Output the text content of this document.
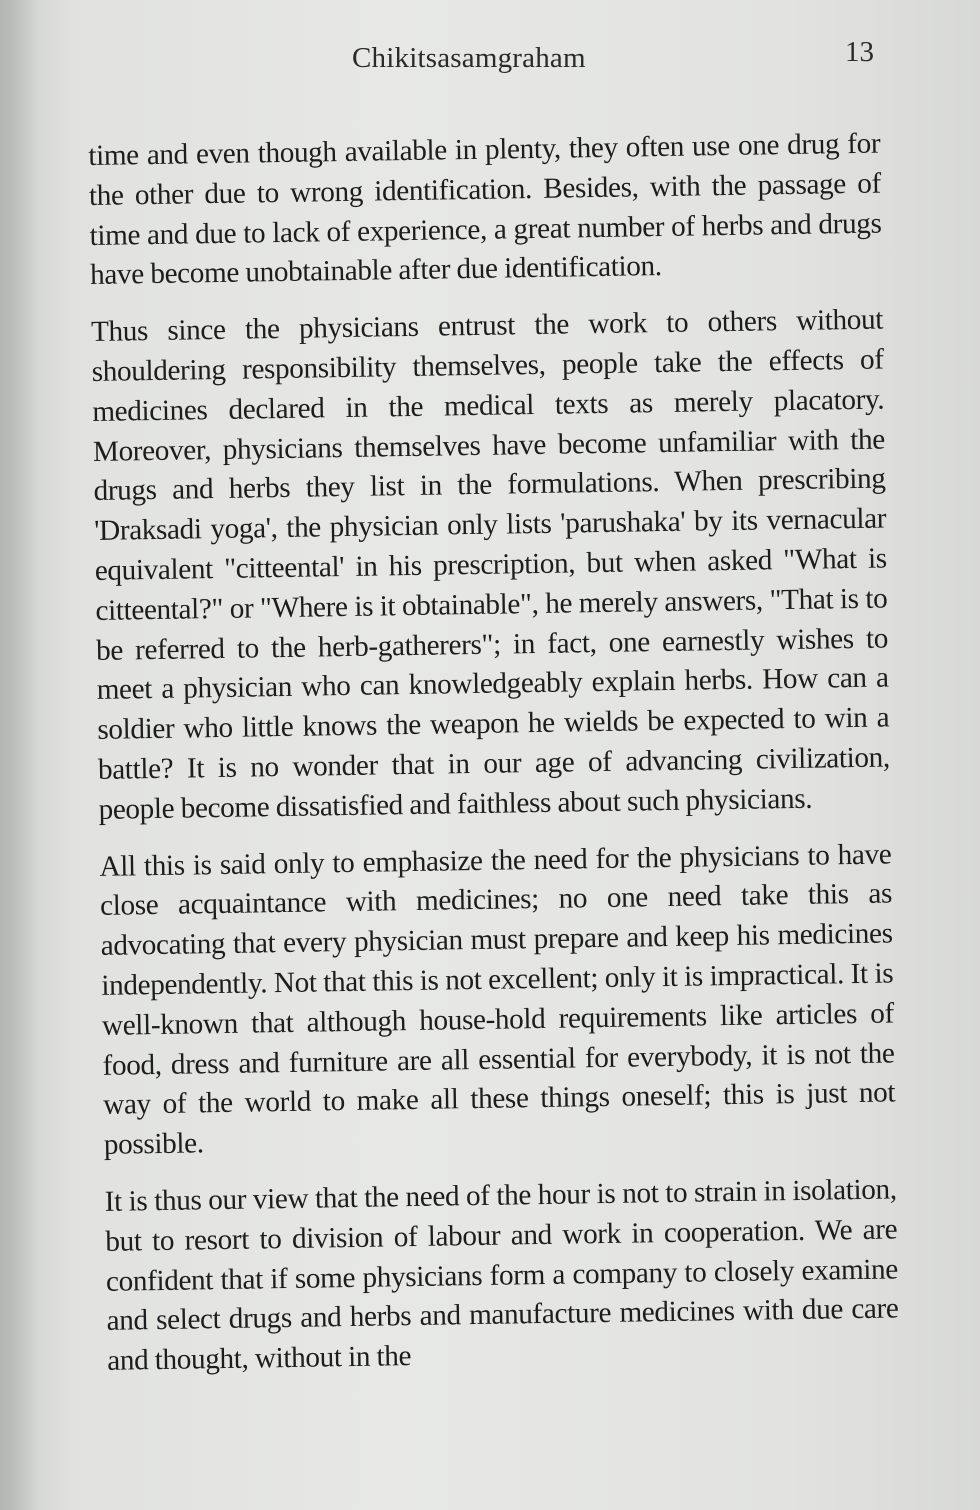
Chikitsasamgraham	13

time and even though available in plenty, they often use one drug for the other due to wrong identification. Besides, with the passage of time and due to lack of experience, a great number of herbs and drugs have become unobtainable after due identification.

Thus since the physicians entrust the work to others without shouldering responsibility themselves, people take the effects of medicines declared in the medical texts as merely placatory. Moreover, physicians themselves have become unfamiliar with the drugs and herbs they list in the formulations. When prescribing 'Draksadi yoga', the physician only lists 'parushaka' by its vernacular equivalent "citteental' in his prescription, but when asked "What is citteental?" or "Where is it obtainable", he merely answers, "That is to be referred to the herb-gatherers"; in fact, one earnestly wishes to meet a physician who can knowledgeably explain herbs. How can a soldier who little knows the weapon he wields be expected to win a battle? It is no wonder that in our age of advancing civilization, people become dissatisfied and faithless about such physicians.

All this is said only to emphasize the need for the physicians to have close acquaintance with medicines; no one need take this as advocating that every physician must prepare and keep his medicines independently. Not that this is not excellent; only it is impractical. It is well-known that although house-hold requirements like articles of food, dress and furniture are all essential for everybody, it is not the way of the world to make all these things oneself; this is just not possible.

It is thus our view that the need of the hour is not to strain in isolation, but to resort to division of labour and work in cooperation. We are confident that if some physicians form a company to closely examine and select drugs and herbs and manufacture medicines with due care and thought, without in the
